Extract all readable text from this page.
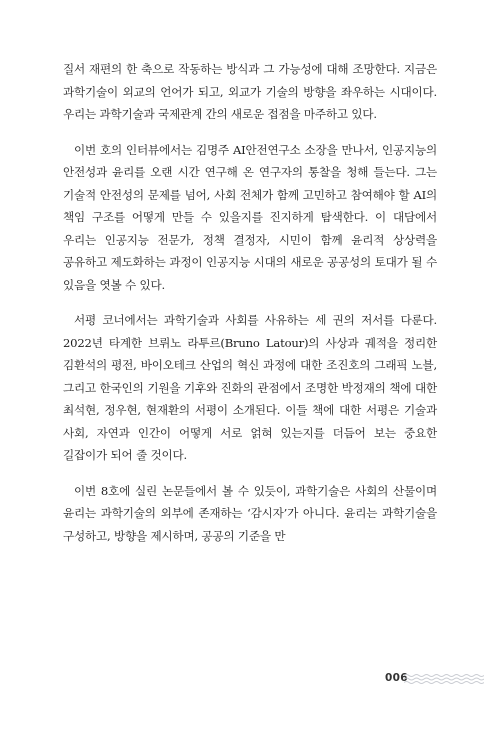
질서 재편의 한 축으로 작동하는 방식과 그 가능성에 대해 조망한다. 지금은 과학기술이 외교의 언어가 되고, 외교가 기술의 방향을 좌우하는 시대이다. 우리는 과학기술과 국제관계 간의 새로운 접점을 마주하고 있다.

이번 호의 인터뷰에서는 김명주 AI안전연구소 소장을 만나서, 인공지능의 안전성과 윤리를 오랜 시간 연구해 온 연구자의 통찰을 청해 들는다. 그는 기술적 안전성의 문제를 넘어, 사회 전체가 함께 고민하고 참여해야 할 AI의 책임 구조를 어떻게 만들 수 있을지를 진지하게 탐색한다. 이 대담에서 우리는 인공지능 전문가, 정책 결정자, 시민이 함께 윤리적 상상력을 공유하고 제도화하는 과정이 인공지능 시대의 새로운 공공성의 토대가 될 수 있음을 엿볼 수 있다.

서평 코너에서는 과학기술과 사회를 사유하는 세 권의 저서를 다룬다. 2022년 타계한 브뤼노 라투르(Bruno Latour)의 사상과 궤적을 정리한 김환석의 평전, 바이오테크 산업의 혁신 과정에 대한 조진호의 그래픽 노블, 그리고 한국인의 기원을 기후와 진화의 관점에서 조명한 박정재의 책에 대한 최석현, 정우현, 현재환의 서평이 소개된다. 이들 책에 대한 서평은 기술과 사회, 자연과 인간이 어떻게 서로 얽혀 있는지를 더듬어 보는 중요한 길잡이가 되어 줄 것이다.

이번 8호에 실린 논문들에서 볼 수 있듯이, 과학기술은 사회의 산물이며 윤리는 과학기술의 외부에 존재하는 ‘감시자’가 아니다. 윤리는 과학기술을 구성하고, 방향을 제시하며, 공공의 기준을 만

006
